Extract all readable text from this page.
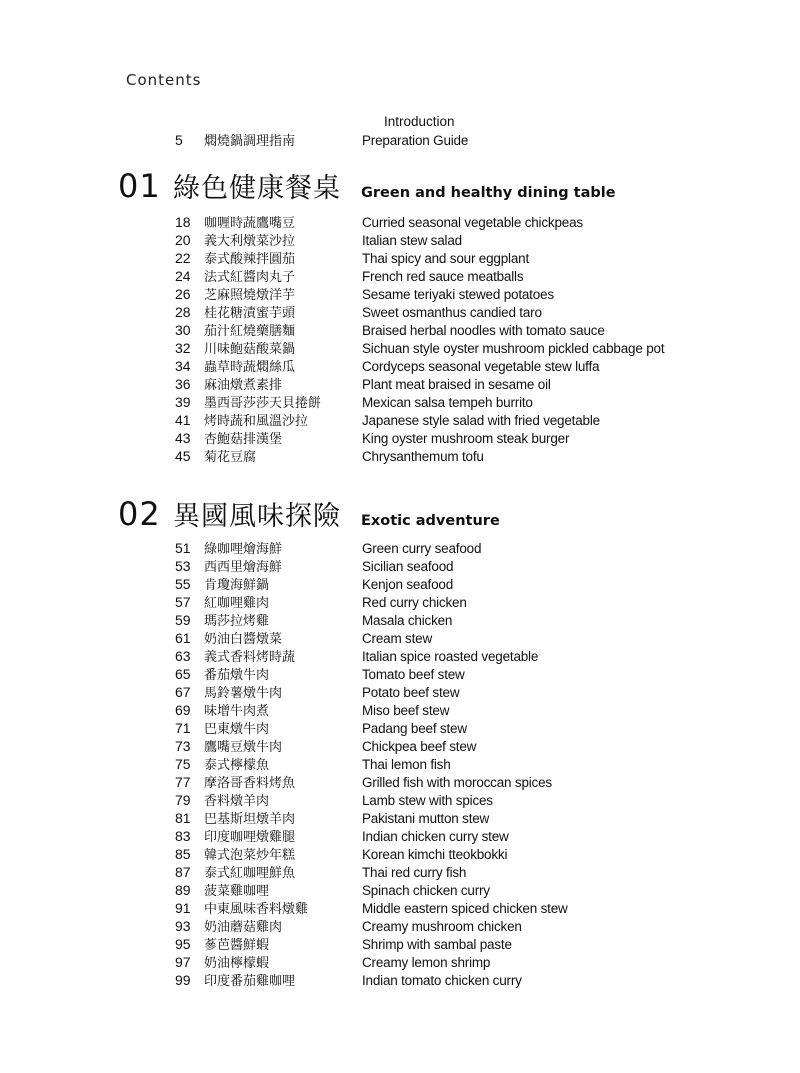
Contents
Introduction
5	燜燒鍋調理指南	Preparation Guide
01 綠色健康餐桌	Green and healthy dining table
18	咖喱時蔬鷹嘴豆	Curried seasonal vegetable chickpeas
20	義大利燉菜沙拉	Italian stew salad
22	泰式酸辣拌圓茄	Thai spicy and sour eggplant
24	法式紅醬肉丸子	French red sauce meatballs
26	芝麻照燒燉洋芋	Sesame teriyaki stewed potatoes
28	桂花糖漬蜜芋頭	Sweet osmanthus candied taro
30	茄汁紅燒藥膳麵	Braised herbal noodles with tomato sauce
32	川味鮑菇酸菜鍋	Sichuan style oyster mushroom pickled cabbage pot
34	蟲草時蔬燜絲瓜	Cordyceps seasonal vegetable stew luffa
36	麻油燉煮素排	Plant meat braised in sesame oil
39	墨西哥莎莎天貝捲餅	Mexican salsa tempeh burrito
41	烤時蔬和風溫沙拉	Japanese style salad with fried vegetable
43	杏鮑菇排漢堡	King oyster mushroom steak burger
45	菊花豆腐	Chrysanthemum tofu
02 異國風味探險	Exotic adventure
51	綠咖哩燴海鮮	Green curry seafood
53	西西里燴海鮮	Sicilian seafood
55	肯瓊海鮮鍋	Kenjon seafood
57	紅咖哩雞肉	Red curry chicken
59	瑪莎拉烤雞	Masala chicken
61	奶油白醬燉菜	Cream stew
63	義式香料烤時蔬	Italian spice roasted vegetable
65	番茄燉牛肉	Tomato beef stew
67	馬鈴薯燉牛肉	Potato beef stew
69	味增牛肉煮	Miso beef stew
71	巴東燉牛肉	Padang beef stew
73	鷹嘴豆燉牛肉	Chickpea beef stew
75	泰式檸檬魚	Thai lemon fish
77	摩洛哥香料烤魚	Grilled fish with moroccan spices
79	香料燉羊肉	Lamb stew with spices
81	巴基斯坦燉羊肉	Pakistani mutton stew
83	印度咖哩燉雞腿	Indian chicken curry stew
85	韓式泡菜炒年糕	Korean kimchi tteokbokki
87	泰式紅咖哩鮮魚	Thai red curry fish
89	菠菜雞咖哩	Spinach chicken curry
91	中東風味香料燉雞	Middle eastern spiced chicken stew
93	奶油蘑菇雞肉	Creamy mushroom chicken
95	蔘芭醬鮮蝦	Shrimp with sambal paste
97	奶油檸檬蝦	Creamy lemon shrimp
99	印度番茄雞咖哩	Indian tomato chicken curry
